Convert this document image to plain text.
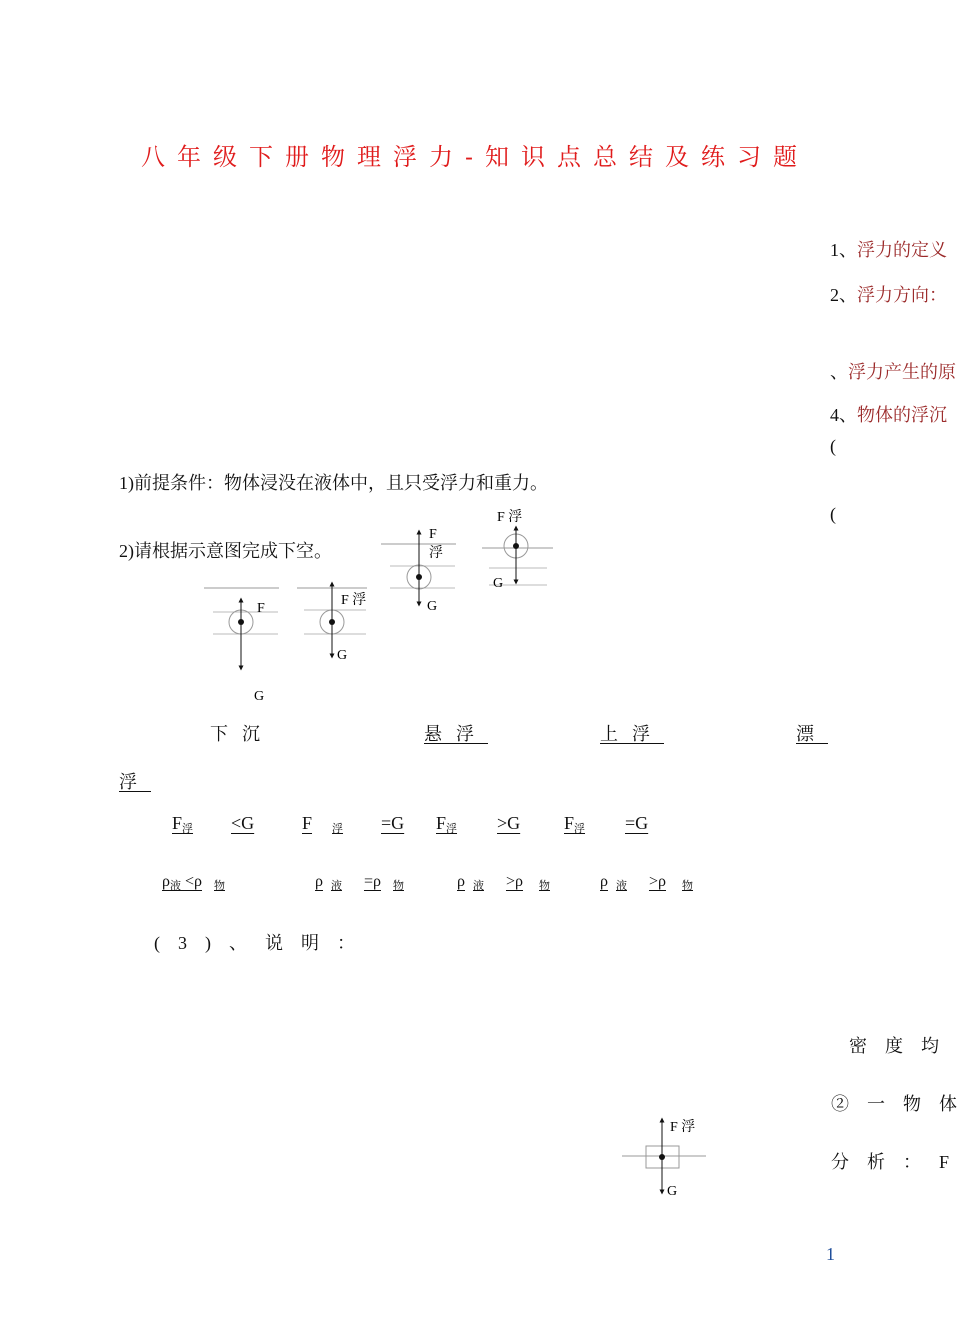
八年级下册物理浮力-知识点总结及练习题
1、浮力的定义
2、浮力方向：
、浮力产生的原
4、物体的浮沉
(
(
1)前提条件：物体浸没在液体中，且只受浮力和重力。
2)请根据示意图完成下空。
F
G
F 浮
G
F
浮
G
F 浮
G
F 浮
G
下沉	悬浮	上浮	漂
浮
$F_浮 <G$	F $_浮$ =G $F_浮 >G$ $F_浮 =G$
$\rho_液 <\rho$ $_物$	ρ $_液$ =ρ $_物$	ρ $_液$ >ρ $_物$	ρ $_液$ >ρ $_物$
(3)、说明：
密度均
②一物体
分析：F
1
